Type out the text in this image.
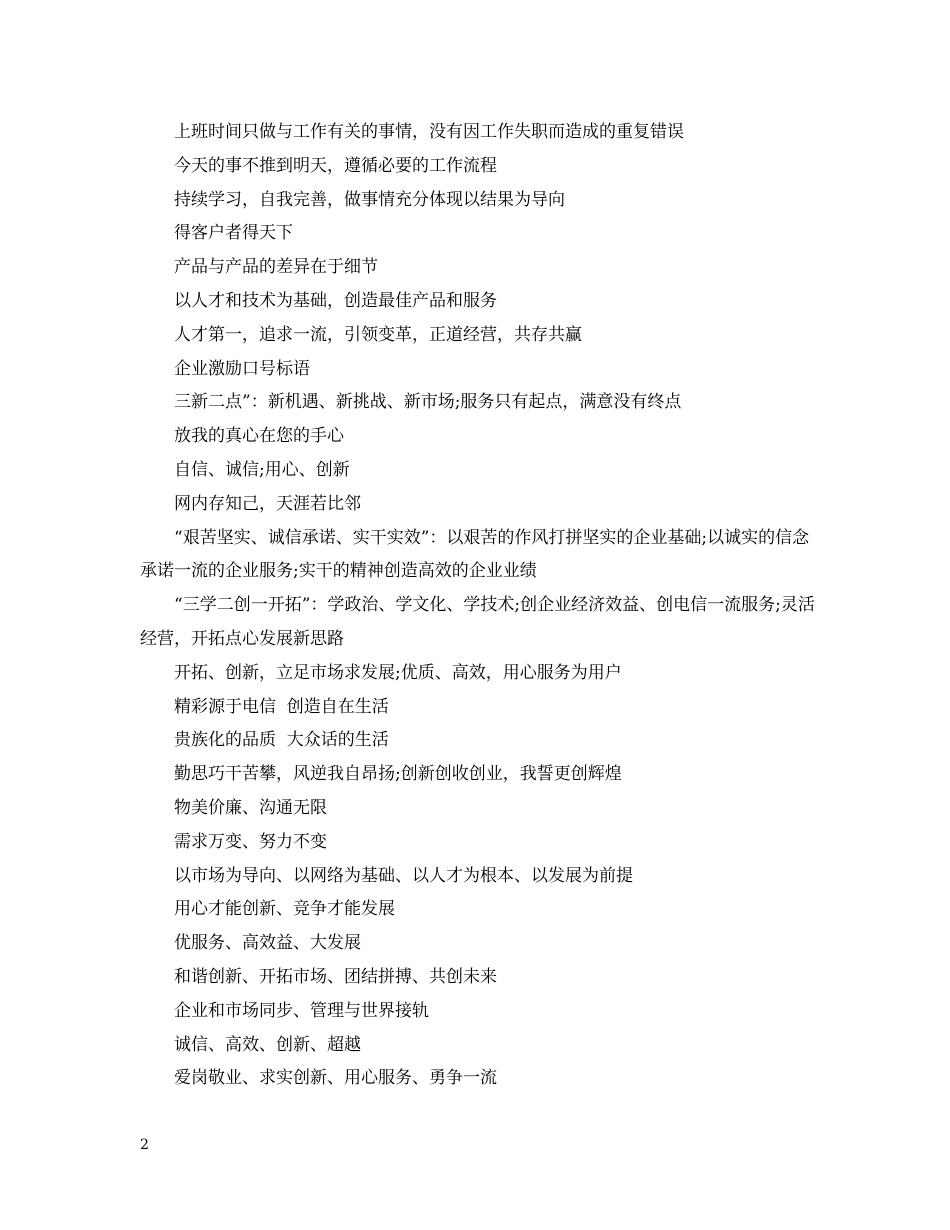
上班时间只做与工作有关的事情，没有因工作失职而造成的重复错误

今天的事不推到明天，遵循必要的工作流程

持续学习，自我完善，做事情充分体现以结果为导向

得客户者得天下

产品与产品的差异在于细节

以人才和技术为基础，创造最佳产品和服务

人才第一，追求一流，引领变革，正道经营，共存共赢

企业激励口号标语

三新二点”：新机遇、新挑战、新市场;服务只有起点，满意没有终点

放我的真心在您的手心

自信、诚信;用心、创新

网内存知己，天涯若比邻

“艰苦坚实、诚信承诺、实干实效”：以艰苦的作风打拼坚实的企业基础;以诚实的信念承诺一流的企业服务;实干的精神创造高效的企业业绩

“三学二创一开拓”：学政治、学文化、学技术;创企业经济效益、创电信一流服务;灵活经营，开拓点心发展新思路

开拓、创新，立足市场求发展;优质、高效，用心服务为用户

精彩源于电信  创造自在生活

贵族化的品质  大众话的生活

勤思巧干苦攀，风逆我自昂扬;创新创收创业，我誓更创辉煌

物美价廉、沟通无限

需求万变、努力不变

以市场为导向、以网络为基础、以人才为根本、以发展为前提

用心才能创新、竞争才能发展

优服务、高效益、大发展

和谐创新、开拓市场、团结拼搏、共创未来

企业和市场同步、管理与世界接轨

诚信、高效、创新、超越

爱岗敬业、求实创新、用心服务、勇争一流

2
